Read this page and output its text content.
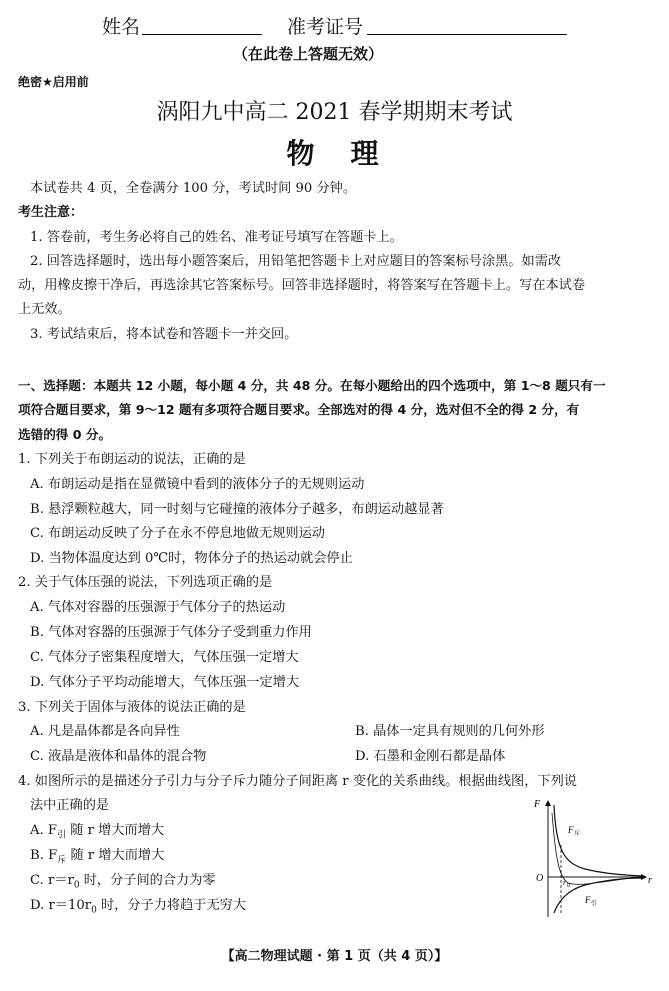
姓名	准考证号
（在此卷上答题无效）
绝密★启用前
涡阳九中高二 2021 春学期期末考试
物　理
本试卷共 4 页，全卷满分 100 分，考试时间 90 分钟。
考生注意：
1. 答卷前，考生务必将自己的姓名、准考证号填写在答题卡上。
2. 回答选择题时，选出每小题答案后，用铅笔把答题卡上对应题目的答案标号涂黑。如需改
动，用橡皮擦干净后，再选涂其它答案标号。回答非选择题时，将答案写在答题卡上。写在本试卷
上无效。
3. 考试结束后，将本试卷和答题卡一并交回。
一、选择题：本题共 12 小题，每小题 4 分，共 48 分。在每小题给出的四个选项中，第 1～8 题只有一
项符合题目要求，第 9～12 题有多项符合题目要求。全部选对的得 4 分，选对但不全的得 2 分，有
选错的得 0 分。
1. 下列关于布朗运动的说法，正确的是
A. 布朗运动是指在显微镜中看到的液体分子的无规则运动
B. 悬浮颗粒越大，同一时刻与它碰撞的液体分子越多，布朗运动越显著
C. 布朗运动反映了分子在永不停息地做无规则运动
D. 当物体温度达到 0℃时，物体分子的热运动就会停止
2. 关于气体压强的说法，下列选项正确的是
A. 气体对容器的压强源于气体分子的热运动
B. 气体对容器的压强源于气体分子受到重力作用
C. 气体分子密集程度增大，气体压强一定增大
D. 气体分子平均动能增大，气体压强一定增大
3. 下列关于固体与液体的说法正确的是
A. 凡是晶体都是各向异性	B. 晶体一定具有规则的几何外形
C. 液晶是液体和晶体的混合物	D. 石墨和金刚石都是晶体
4. 如图所示的是描述分子引力与分子斥力随分子间距离 r 变化的关系曲线。根据曲线图，下列说
法中正确的是
A. $F_引$ 随 r 增大而增大
B. $F_斥$ 随 r 增大而增大
C. $r=r_0$ 时，分子间的合力为零
D. $r=10r_0$ 时，分子力将趋于无穷大
F
r
O r 0
F 斥
F 引
【高二物理试题 · 第 1 页（共 4 页）】
